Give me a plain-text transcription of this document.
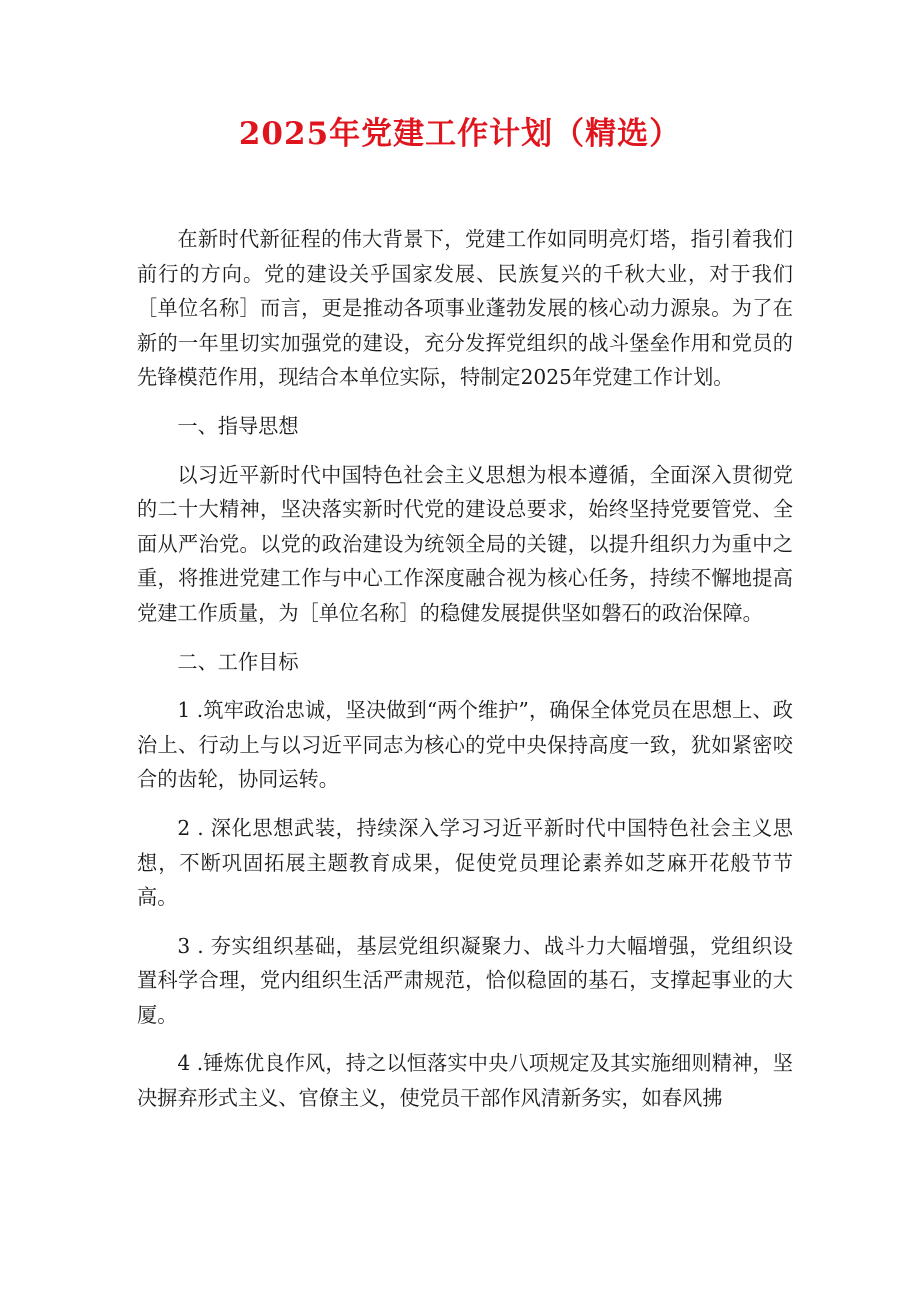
2025年党建工作计划（精选）

在新时代新征程的伟大背景下，党建工作如同明亮灯塔，指引着我们前行的方向。党的建设关乎国家发展、民族复兴的千秋大业，对于我们［单位名称］而言，更是推动各项事业蓬勃发展的核心动力源泉。为了在新的一年里切实加强党的建设，充分发挥党组织的战斗堡垒作用和党员的先锋模范作用，现结合本单位实际，特制定2025年党建工作计划。

一、指导思想

以习近平新时代中国特色社会主义思想为根本遵循，全面深入贯彻党的二十大精神，坚决落实新时代党的建设总要求，始终坚持党要管党、全面从严治党。以党的政治建设为统领全局的关键，以提升组织力为重中之重，将推进党建工作与中心工作深度融合视为核心任务，持续不懈地提高党建工作质量，为［单位名称］的稳健发展提供坚如磐石的政治保障。

二、工作目标

1 .筑牢政治忠诚，坚决做到“两个维护”，确保全体党员在思想上、政治上、行动上与以习近平同志为核心的党中央保持高度一致，犹如紧密咬合的齿轮，协同运转。

2 . 深化思想武装，持续深入学习习近平新时代中国特色社会主义思想，不断巩固拓展主题教育成果，促使党员理论素养如芝麻开花般节节高。

3 . 夯实组织基础，基层党组织凝聚力、战斗力大幅增强，党组织设置科学合理，党内组织生活严肃规范，恰似稳固的基石，支撑起事业的大厦。

4 .锤炼优良作风，持之以恒落实中央八项规定及其实施细则精神，坚决摒弃形式主义、官僚主义，使党员干部作风清新务实，如春风拂
